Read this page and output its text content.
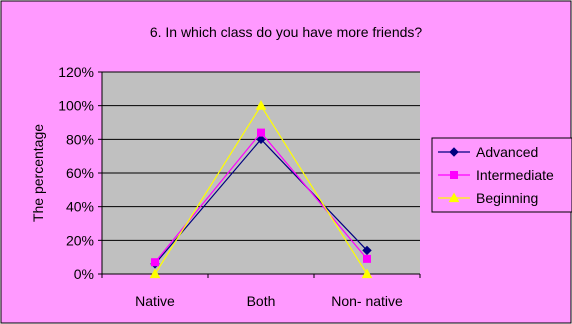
6. In which class do you have more friends?
The percentage
0%
20%
40%
60%
80%
100%
120%
Native	Both	Non- native
Advanced
Intermediate
Beginning
